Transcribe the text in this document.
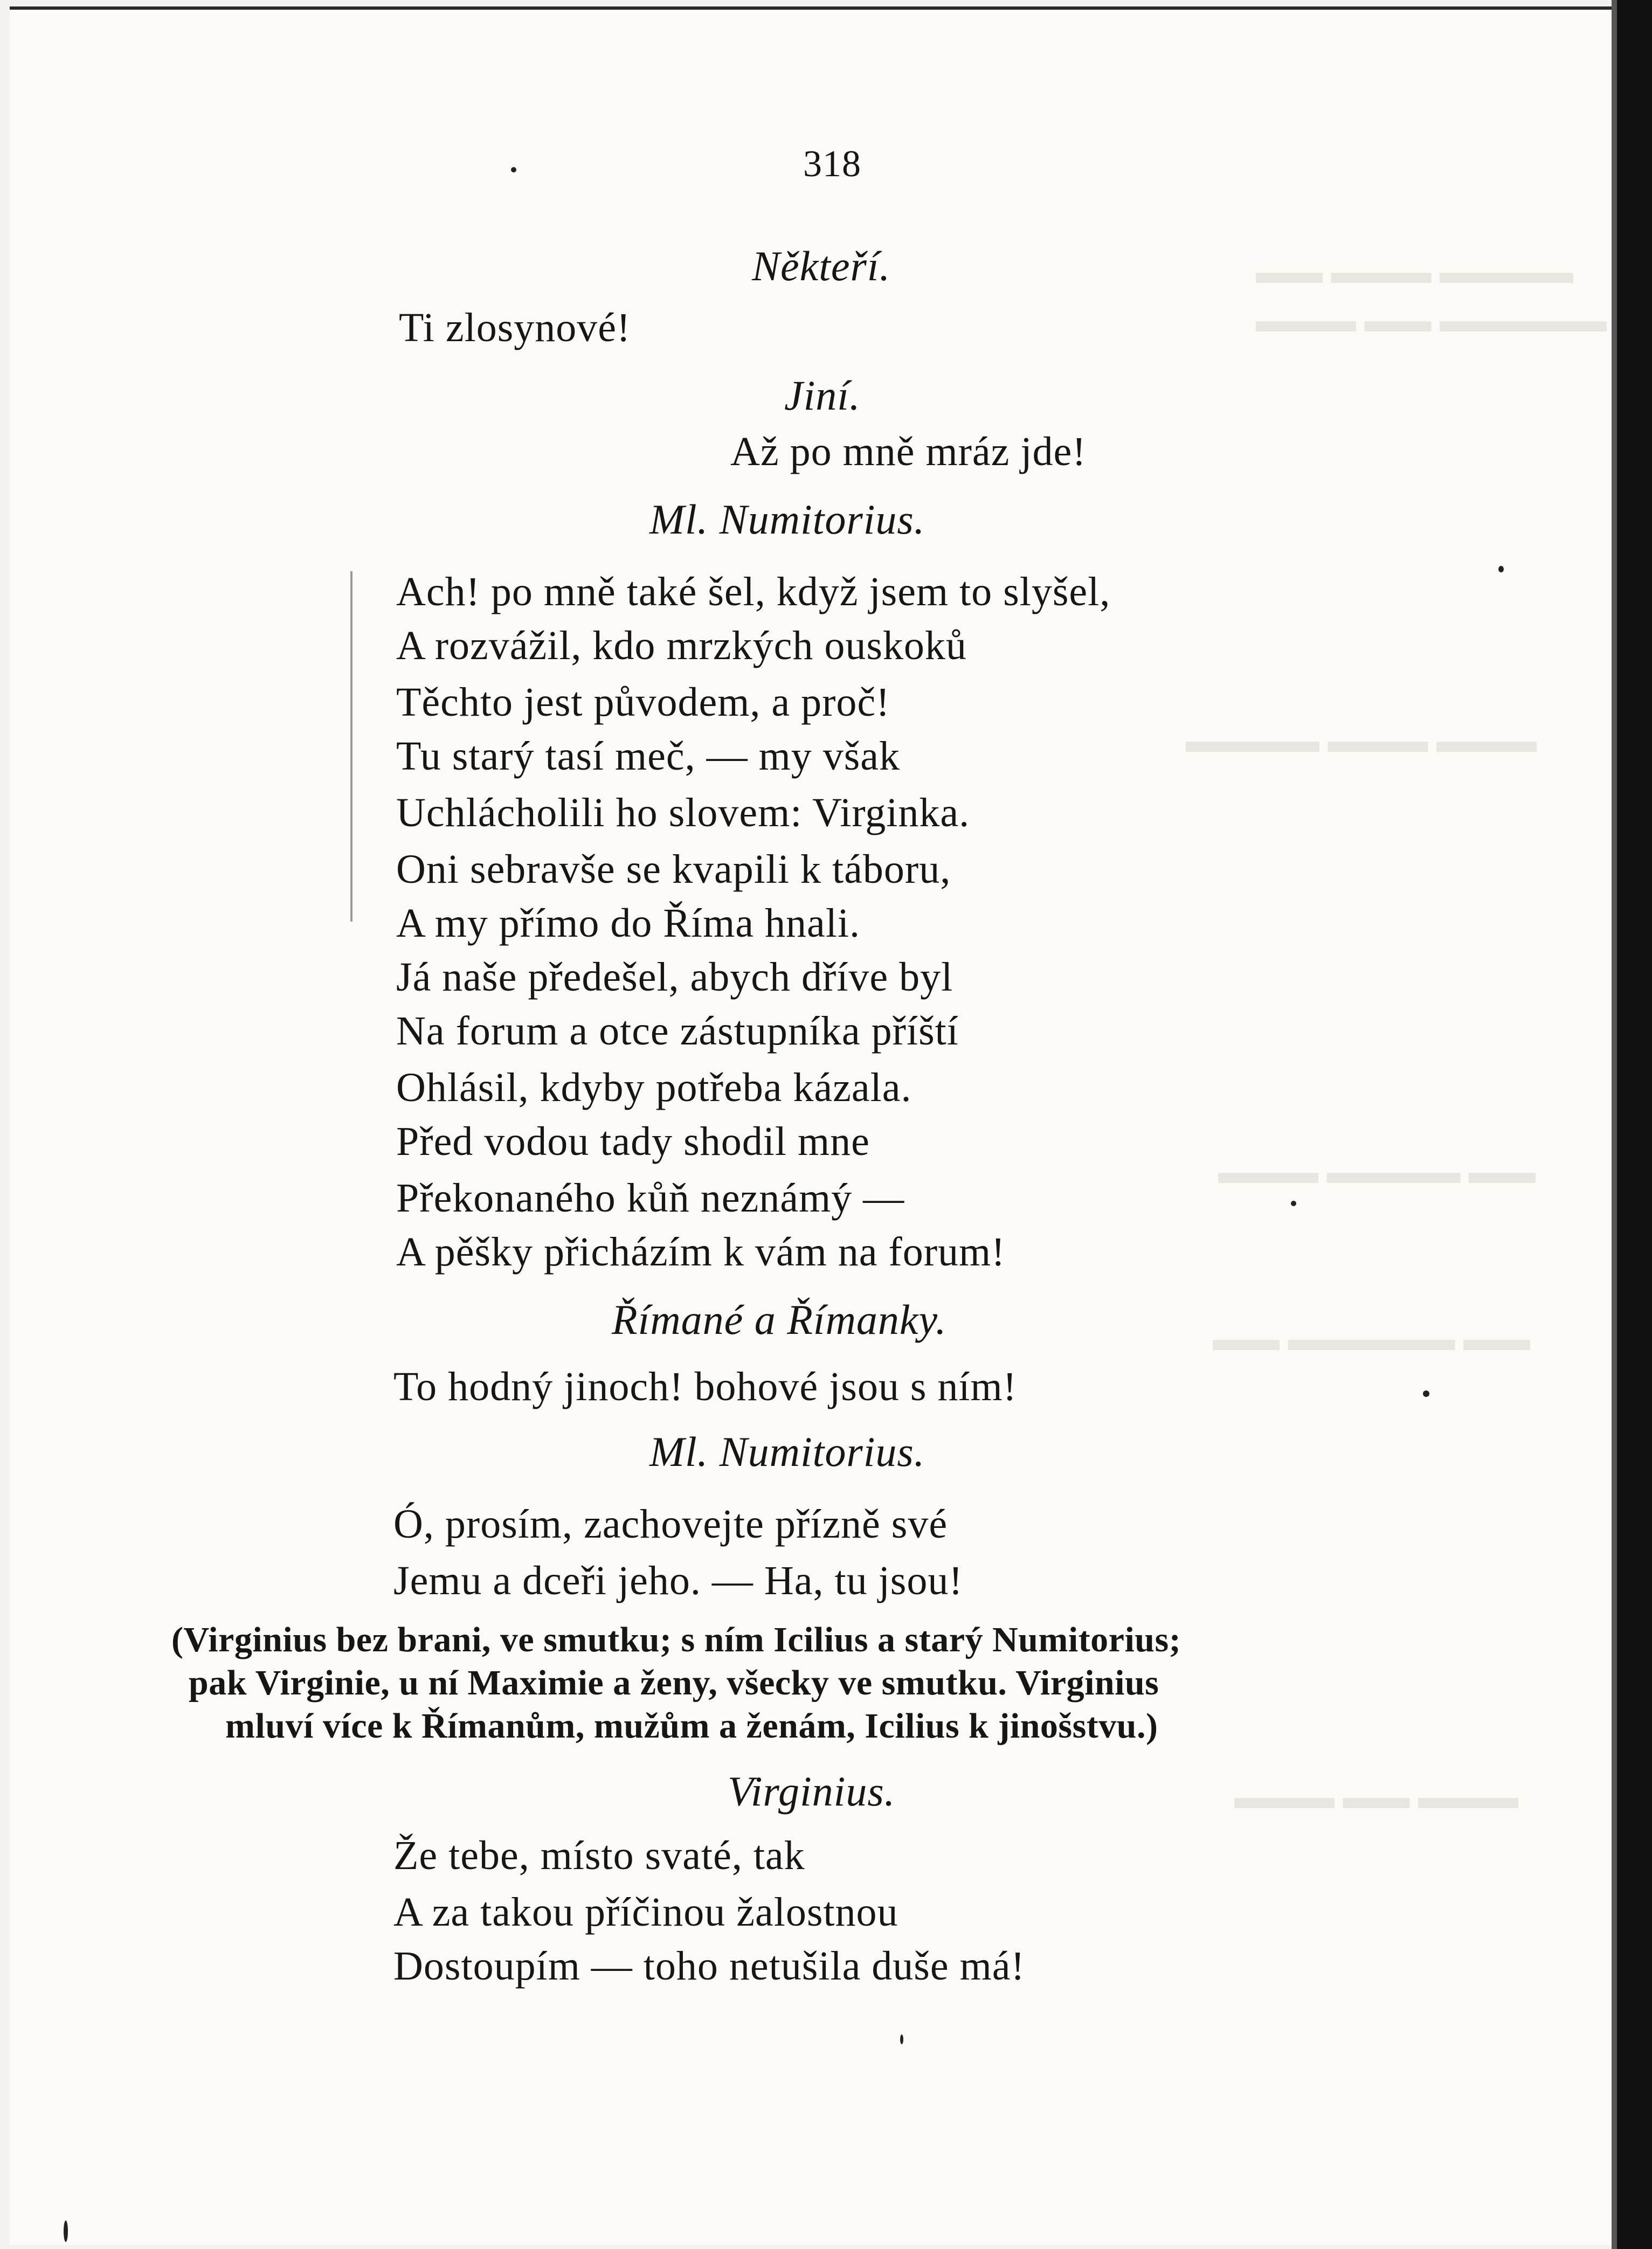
▬▬ ▬▬▬ ▬▬▬▬
▬▬▬ ▬▬ ▬▬▬▬▬
▬▬▬▬ ▬▬▬ ▬▬▬
▬▬▬ ▬▬▬▬ ▬▬
▬▬ ▬▬▬▬▬ ▬▬
▬▬▬ ▬▬ ▬▬▬
318
Někteří.
Ti zlosynové!
Jiní.
Až po mně mráz jde!
Ml. Numitorius.
Ach! po mně také šel, když jsem to slyšel,
A rozvážil, kdo mrzkých ouskoků
Těchto jest původem, a proč!
Tu starý tasí meč, — my však
Uchlácholili ho slovem: Virginka.
Oni sebravše se kvapili k táboru,
A my přímo do Říma hnali.
Já naše předešel, abych dříve byl
Na forum a otce zástupníka příští
Ohlásil, kdyby potřeba kázala.
Před vodou tady shodil mne
Překonaného kůň neznámý —
A pěšky přicházím k vám na forum!
Římané a Římanky.
To hodný jinoch! bohové jsou s ním!
Ml. Numitorius.
Ó, prosím, zachovejte přízně své
Jemu a dceři jeho. — Ha, tu jsou!
(Virginius bez brani, ve smutku; s ním Icilius a starý Numitorius;
pak Virginie, u ní Maximie a ženy, všecky ve smutku. Virginius
mluví více k Římanům, mužům a ženám, Icilius k jinošstvu.)
Virginius.
Že tebe, místo svaté, tak
A za takou příčinou žalostnou
Dostoupím — toho netušila duše má!
